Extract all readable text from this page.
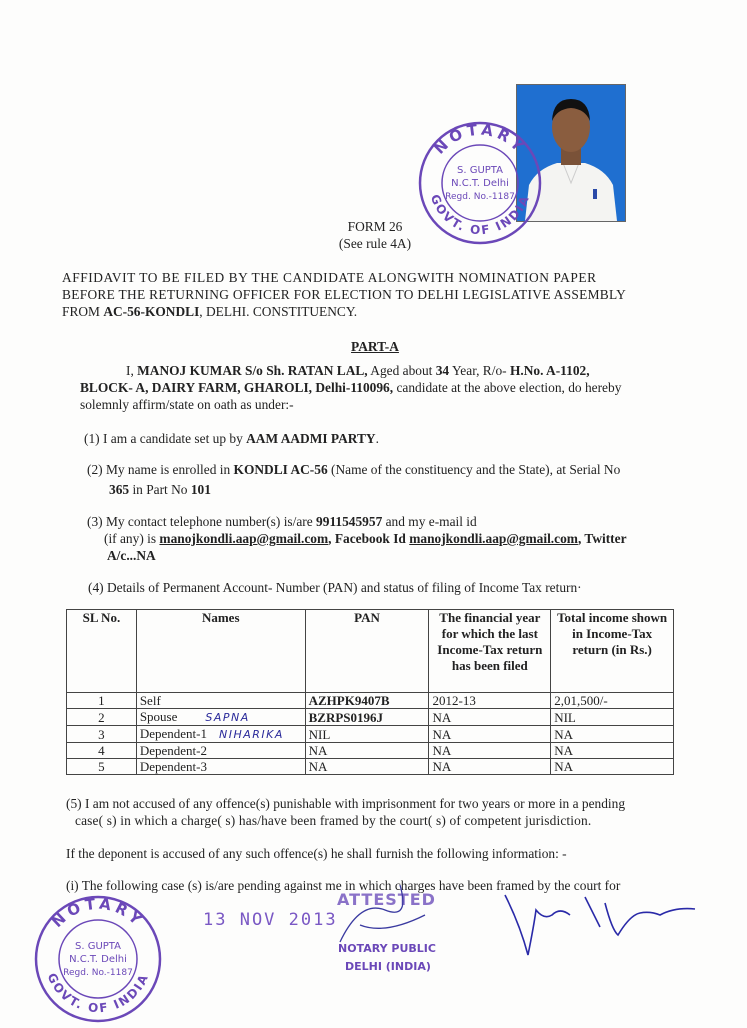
NOTARY
GOVT. OF INDIA
S. GUPTA
N.C.T. Delhi
Regd. No.-1187
FORM 26
(See rule 4A)
AFFIDAVIT TO BE FILED BY THE CANDIDATE ALONGWITH NOMINATION PAPER
BEFORE THE RETURNING OFFICER FOR ELECTION TO DELHI LEGISLATIVE ASSEMBLY
FROM AC-56-KONDLI, DELHI. CONSTITUENCY.
PART-A
I, MANOJ KUMAR S/o Sh. RATAN LAL, Aged about 34 Year, R/o- H.No. A-1102,
BLOCK- A, DAIRY FARM, GHAROLI, Delhi-110096, candidate at the above election, do hereby
solemnly affirm/state on oath as under:-
(1) I am a candidate set up by AAM AADMI PARTY.
(2) My name is enrolled in KONDLI AC-56 (Name of the constituency and the State), at Serial No
365 in Part No 101
(3) My contact telephone number(s) is/are 9911545957 and my e-mail id
(if any) is manojkondli.aap@gmail.com, Facebook Id manojkondli.aap@gmail.com, Twitter
A/c...NA
(4) Details of Permanent Account- Number (PAN) and status of filing of Income Tax return·
SL No.	Names	PAN	The financial year for which the last Income-Tax return has been filed	Total income shown in Income-Tax return (in Rs.)
1	Self	AZHPK9407B	2012-13	2,01,500/-
2	Spouse SAPNA	BZRPS0196J	NA	NIL
3	Dependent-1 NIHARIKA	NIL	NA	NA
4	Dependent-2	NA	NA	NA
5	Dependent-3	NA	NA	NA
(5) I am not accused of any offence(s) punishable with imprisonment for two years or more in a pending
case( s) in which a charge( s) has/have been framed by the court( s) of competent jurisdiction.
If the deponent is accused of any such offence(s) he shall furnish the following information: -
(i) The following case (s) is/are pending against me in which charges have been framed by the court for
NOTARY
GOVT. OF INDIA
S. GUPTA
N.C.T. Delhi
Regd. No.-1187
13 NOV 2013
ATTESTED
NOTARY PUBLIC
DELHI (INDIA)
